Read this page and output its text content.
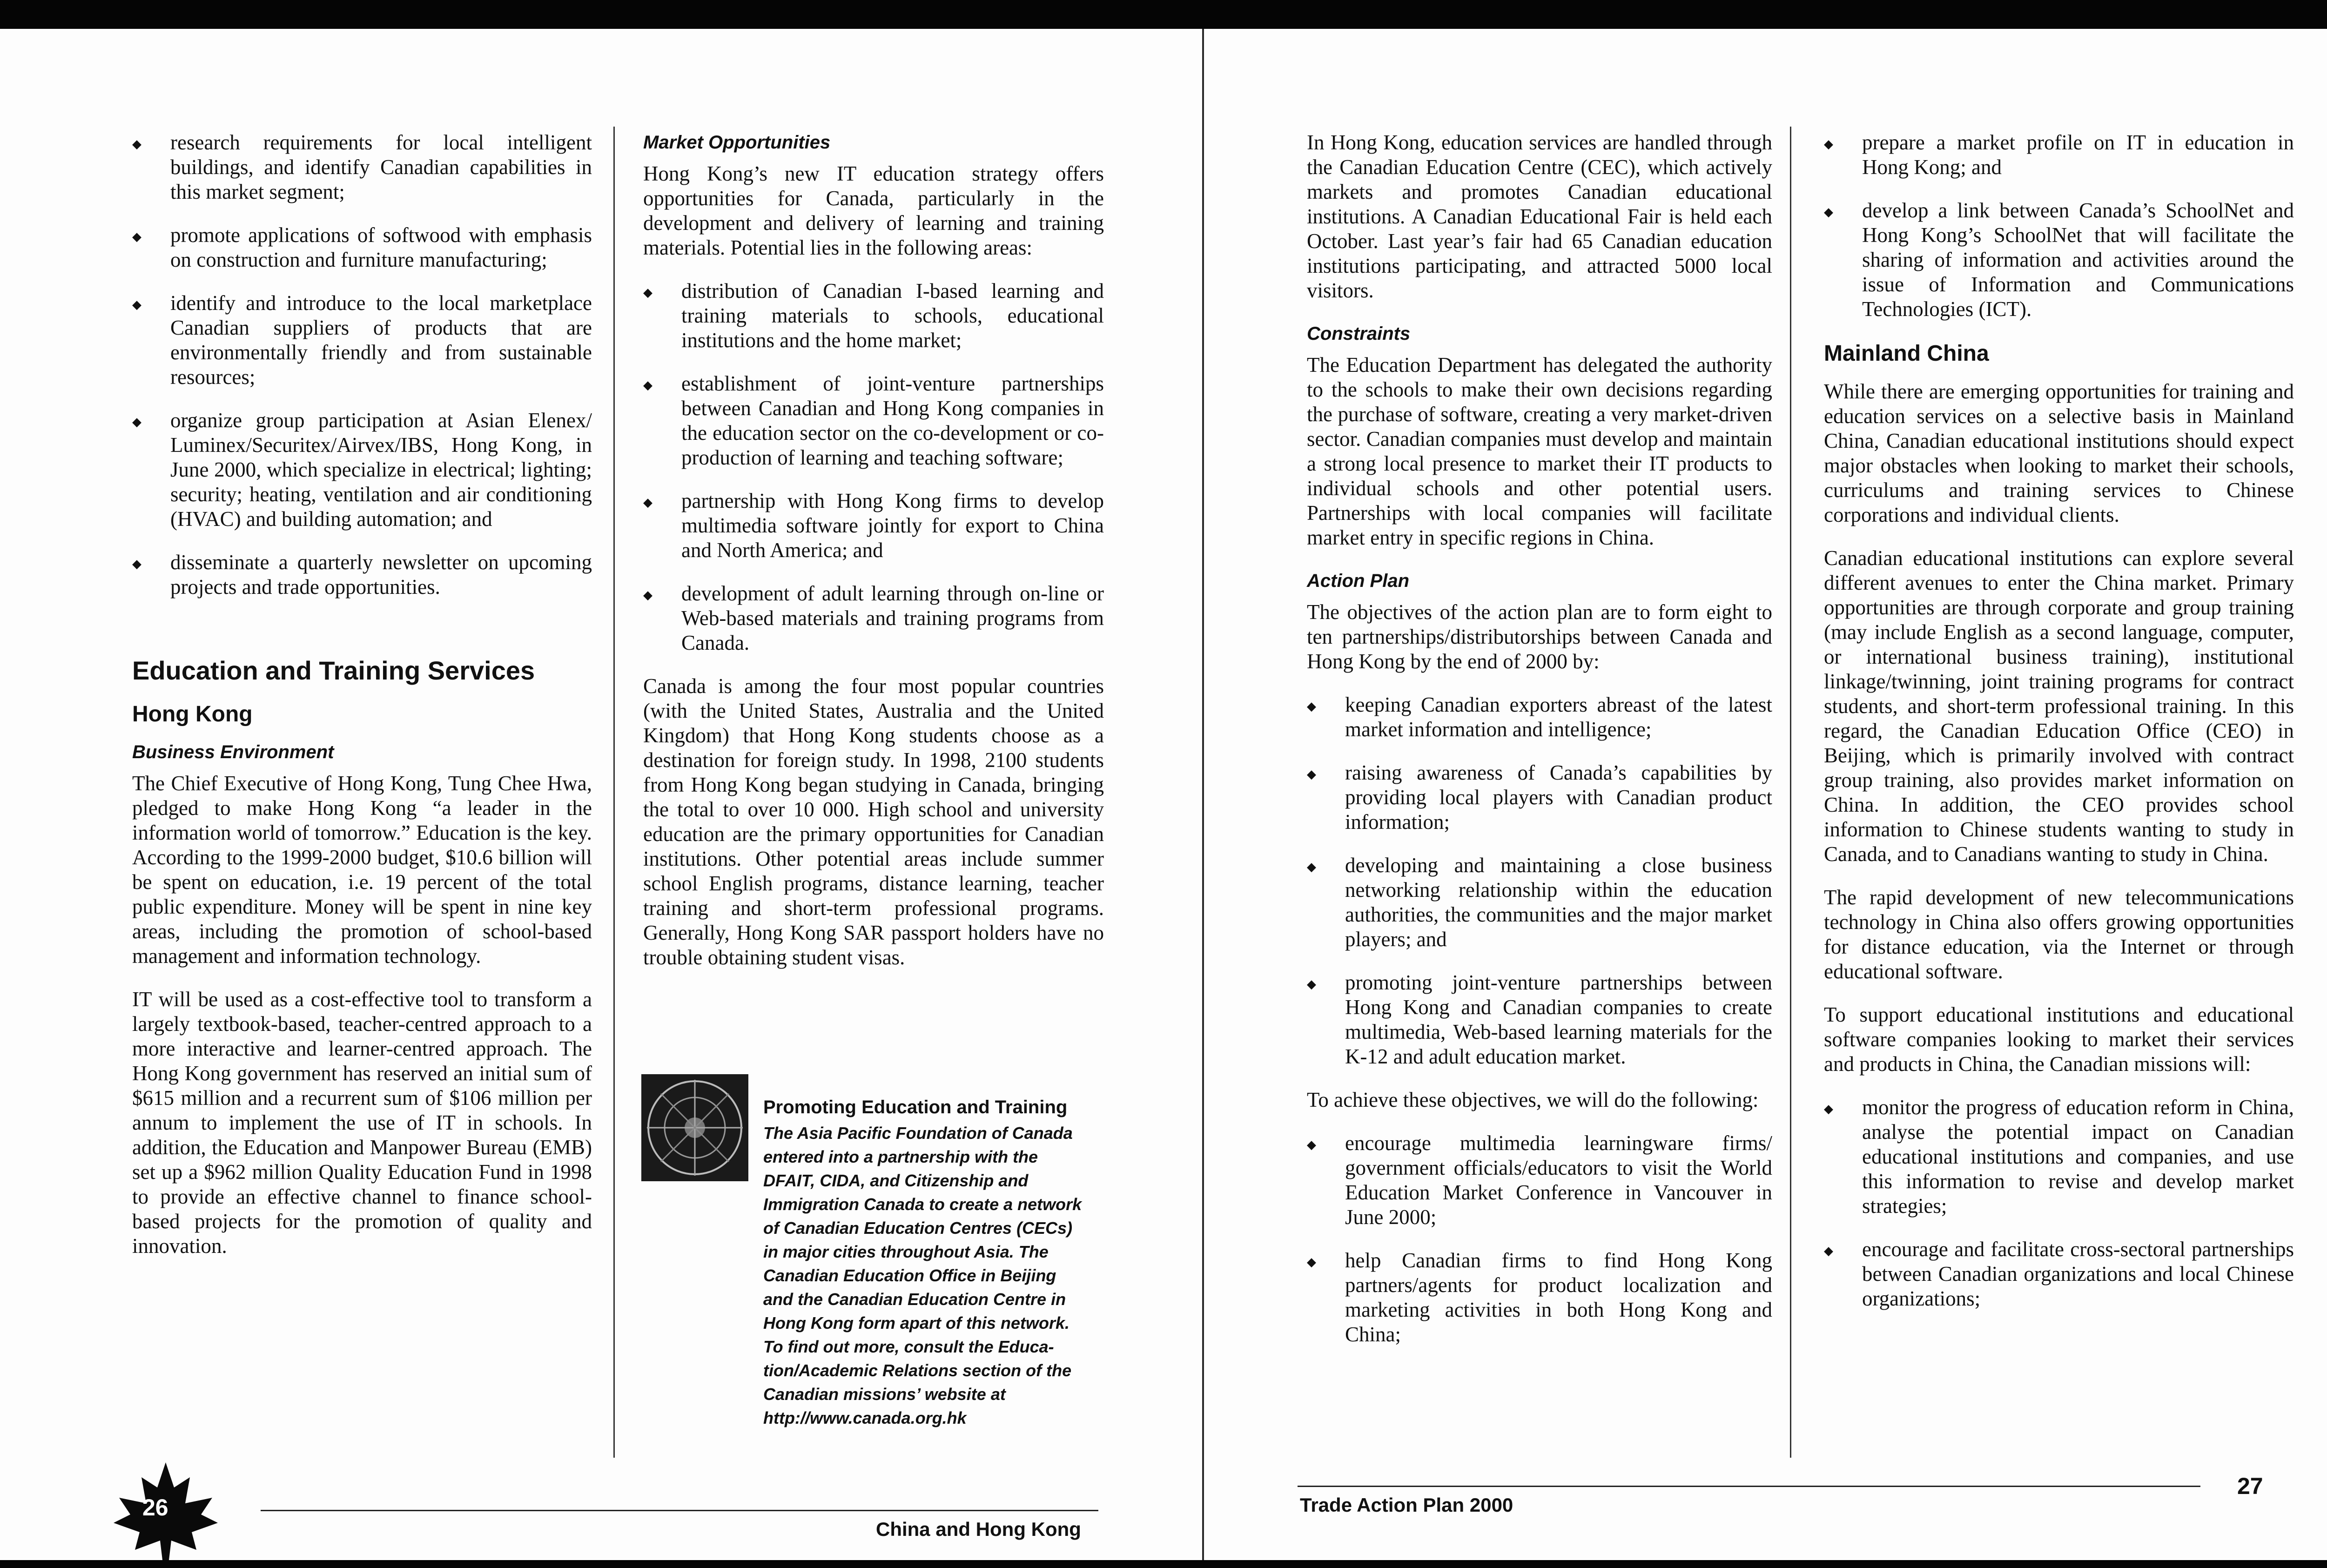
◆ research requirements for local intelligent buildings, and identify Canadian capabilities in this market segment;
◆ promote applications of softwood with emphasis on construction and furniture manufacturing;
◆ identify and introduce to the local marketplace Canadian suppliers of products that are environmentally friendly and from sustainable resources;
◆ organize group participation at Asian Elenex/ Luminex/Securitex/Airvex/IBS, Hong Kong, in June 2000, which specialize in electrical; lighting; security; heating, ventilation and air conditioning (HVAC) and building automation; and
◆ disseminate a quarterly newsletter on upcoming projects and trade opportunities.
Education and Training Services
Hong Kong
Business Environment

The Chief Executive of Hong Kong, Tung Chee Hwa, pledged to make Hong Kong “a leader in the information world of tomorrow.” Education is the key. According to the 1999-2000 budget, $10.6 billion will be spent on education, i.e. 19 percent of the total public expenditure. Money will be spent in nine key areas, including the promotion of school-based management and information technology.

IT will be used as a cost-effective tool to transform a largely textbook-based, teacher-centred approach to a more interactive and learner-centred approach. The Hong Kong government has reserved an initial sum of $615 million and a recurrent sum of $106 million per annum to implement the use of IT in schools. In addition, the Education and Manpower Bureau (EMB) set up a $962 million Quality Education Fund in 1998 to provide an effective channel to finance school-based projects for the promotion of quality and innovation.

Market Opportunities

Hong Kong’s new IT education strategy offers opportunities for Canada, particularly in the development and delivery of learning and training materials. Potential lies in the following areas:

◆ distribution of Canadian I-based learning and training materials to schools, educational institutions and the home market;
◆ establishment of joint-venture partnerships between Canadian and Hong Kong companies in the education sector on the co-development or co-production of learning and teaching software;
◆ partnership with Hong Kong firms to develop multimedia software jointly for export to China and North America; and
◆ development of adult learning through on-line or Web-based materials and training programs from Canada.

Canada is among the four most popular countries (with the United States, Australia and the United Kingdom) that Hong Kong students choose as a destination for foreign study. In 1998, 2100 students from Hong Kong began studying in Canada, bringing the total to over 10 000. High school and university education are the primary opportunities for Canadian institutions. Other potential areas include summer school English programs, distance learning, teacher training and short-term professional programs. Generally, Hong Kong SAR passport holders have no trouble obtaining student visas.

Promoting Education and Training

The Asia Pacific Foundation of Canada entered into a partnership with the DFAIT, CIDA, and Citizenship and Immigration Canada to create a network of Canadian Education Centres (CECs) in major cities throughout Asia. The Canadian Education Office in Beijing and the Canadian Education Centre in Hong Kong form apart of this network. To find out more, consult the Educa-tion/Academic Relations section of the Canadian missions’ website at http://www.canada.org.hk

26
China and Hong Kong

In Hong Kong, education services are handled through the Canadian Education Centre (CEC), which actively markets and promotes Canadian educational institutions. A Canadian Educational Fair is held each October. Last year’s fair had 65 Canadian education institutions participating, and attracted 5000 local visitors.

Constraints

The Education Department has delegated the authority to the schools to make their own decisions regarding the purchase of software, creating a very market-driven sector. Canadian companies must develop and maintain a strong local presence to market their IT products to individual schools and other potential users. Partnerships with local companies will facilitate market entry in specific regions in China.

Action Plan

The objectives of the action plan are to form eight to ten partnerships/distributorships between Canada and Hong Kong by the end of 2000 by:

◆ keeping Canadian exporters abreast of the latest market information and intelligence;
◆ raising awareness of Canada’s capabilities by providing local players with Canadian product information;
◆ developing and maintaining a close business networking relationship within the education authorities, the communities and the major market players; and
◆ promoting joint-venture partnerships between Hong Kong and Canadian companies to create multimedia, Web-based learning materials for the K-12 and adult education market.

To achieve these objectives, we will do the following:

◆ encourage multimedia learningware firms/ government officials/educators to visit the World Education Market Conference in Vancouver in June 2000;
◆ help Canadian firms to find Hong Kong partners/agents for product localization and marketing activities in both Hong Kong and China;
◆ prepare a market profile on IT in education in Hong Kong; and
◆ develop a link between Canada’s SchoolNet and Hong Kong’s SchoolNet that will facilitate the sharing of information and activities around the issue of Information and Communications Technologies (ICT).
Mainland China

While there are emerging opportunities for training and education services on a selective basis in Mainland China, Canadian educational institutions should expect major obstacles when looking to market their schools, curriculums and training services to Chinese corporations and individual clients.

Canadian educational institutions can explore several different avenues to enter the China market. Primary opportunities are through corporate and group training (may include English as a second language, computer, or international business training), institutional linkage/twinning, joint training programs for contract students, and short-term professional training. In this regard, the Canadian Education Office (CEO) in Beijing, which is primarily involved with contract group training, also provides market information on China. In addition, the CEO provides school information to Chinese students wanting to study in Canada, and to Canadians wanting to study in China.

The rapid development of new telecommunications technology in China also offers growing opportunities for distance education, via the Internet or through educational software.

To support educational institutions and educational software companies looking to market their services and products in China, the Canadian missions will:

◆ monitor the progress of education reform in China, analyse the potential impact on Canadian educational institutions and companies, and use this information to revise and develop market strategies;
◆ encourage and facilitate cross-sectoral partnerships between Canadian organizations and local Chinese organizations;
Trade Action Plan 2000
27
